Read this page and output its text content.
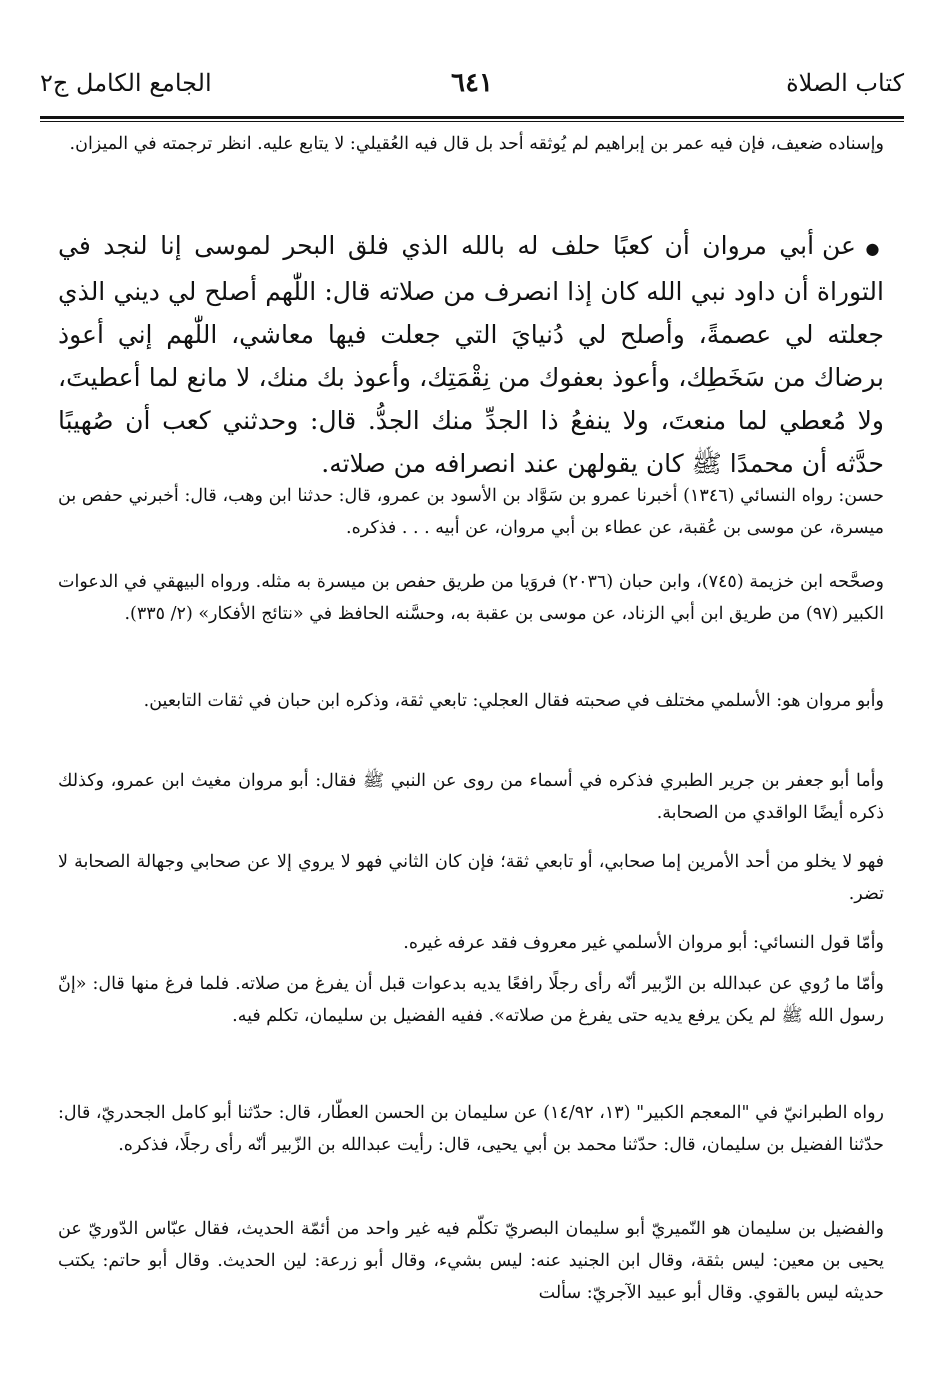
كتاب الصلاة
٦٤١
الجامع الكامل ج٢

وإسناده ضعيف، فإن فيه عمر بن إبراهيم لم يُوثقه أحد بل قال فيه العُقيلي: لا يتابع عليه. انظر ترجمته في الميزان.

● عن أبي مروان أن كعبًا حلف له بالله الذي فلق البحر لموسى إنا لنجد في التوراة أن داود نبي الله كان إذا انصرف من صلاته قال: اللّٰهم أصلح لي ديني الذي جعلته لي عصمةً، وأصلح لي دُنيايَ التي جعلت فيها معاشي، اللّٰهم إني أعوذ برضاك من سَخَطِك، وأعوذ بعفوك من نِقْمَتِك، وأعوذ بك منك، لا مانع لما أعطيتَ، ولا مُعطي لما منعتَ، ولا ينفعُ ذا الجدِّ منك الجدُّ. قال: وحدثني كعب أن صُهيبًا حدَّثه أن محمدًا ﷺ كان يقولهن عند انصرافه من صلاته.

حسن: رواه النسائي (١٣٤٦) أخبرنا عمرو بن سَوَّاد بن الأسود بن عمرو، قال: حدثنا ابن وهب، قال: أخبرني حفص بن ميسرة، عن موسى بن عُقبة، عن عطاء بن أبي مروان، عن أبيه . . . فذكره.

وصحَّحه ابن خزيمة (٧٤٥)، وابن حبان (٢٠٣٦) فروَيا من طريق حفص بن ميسرة به مثله. ورواه البيهقي في الدعوات الكبير (٩٧) من طريق ابن أبي الزناد، عن موسى بن عقبة به، وحسَّنه الحافظ في «نتائج الأفكار» (٢/ ٣٣٥).

وأبو مروان هو: الأسلمي مختلف في صحبته فقال العجلي: تابعي ثقة، وذكره ابن حبان في ثقات التابعين.

وأما أبو جعفر بن جرير الطبري فذكره في أسماء من روى عن النبي ﷺ فقال: أبو مروان مغيث ابن عمرو، وكذلك ذكره أيضًا الواقدي من الصحابة.

فهو لا يخلو من أحد الأمرين إما صحابي، أو تابعي ثقة؛ فإن كان الثاني فهو لا يروي إلا عن صحابي وجهالة الصحابة لا تضر.

وأمّا قول النسائي: أبو مروان الأسلمي غير معروف فقد عرفه غيره.

وأمّا ما رُوي عن عبدالله بن الزّبير أنّه رأى رجلًا رافعًا يديه بدعوات قبل أن يفرغ من صلاته. فلما فرغ منها قال: «إنّ رسول الله ﷺ لم يكن يرفع يديه حتى يفرغ من صلاته». ففيه الفضيل بن سليمان، تكلم فيه.

رواه الطبرانيّ في "المعجم الكبير" (١٣، ١٤/٩٢) عن سليمان بن الحسن العطّار، قال: حدّثنا أبو كامل الجحدريّ، قال: حدّثنا الفضيل بن سليمان، قال: حدّثنا محمد بن أبي يحيى، قال: رأيت عبدالله بن الزّبير أنّه رأى رجلًا، فذكره.

والفضيل بن سليمان هو النّميريّ أبو سليمان البصريّ تكلّم فيه غير واحد من أئمّة الحديث، فقال عبّاس الدّوريّ عن يحيى بن معين: ليس بثقة، وقال ابن الجنيد عنه: ليس بشيء، وقال أبو زرعة: لين الحديث. وقال أبو حاتم: يكتب حديثه ليس بالقوي. وقال أبو عبيد الآجريّ: سألت
